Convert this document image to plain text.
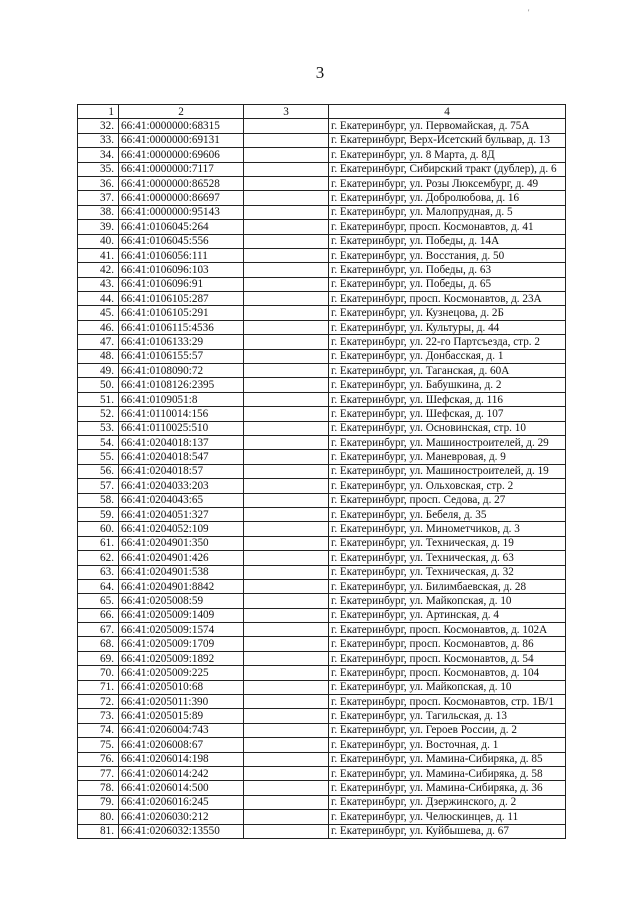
'
3
1	2	3	4
32.	66:41:0000000:68315		г. Екатеринбург, ул. Первомайская, д. 75А
33.	66:41:0000000:69131		г. Екатеринбург, Верх-Исетский бульвар, д. 13
34.	66:41:0000000:69606		г. Екатеринбург, ул. 8 Марта, д. 8Д
35.	66:41:0000000:7117		г. Екатеринбург, Сибирский тракт (дублер), д. 6
36.	66:41:0000000:86528		г. Екатеринбург, ул. Розы Люксембург, д. 49
37.	66:41:0000000:86697		г. Екатеринбург, ул. Добролюбова, д. 16
38.	66:41:0000000:95143		г. Екатеринбург, ул. Малопрудная, д. 5
39.	66:41:0106045:264		г. Екатеринбург, просп. Космонавтов, д. 41
40.	66:41:0106045:556		г. Екатеринбург, ул. Победы, д. 14А
41.	66:41:0106056:111		г. Екатеринбург, ул. Восстания, д. 50
42.	66:41:0106096:103		г. Екатеринбург, ул. Победы, д. 63
43.	66:41:0106096:91		г. Екатеринбург, ул. Победы, д. 65
44.	66:41:0106105:287		г. Екатеринбург, просп. Космонавтов, д. 23А
45.	66:41:0106105:291		г. Екатеринбург, ул. Кузнецова, д. 2Б
46.	66:41:0106115:4536		г. Екатеринбург, ул. Культуры, д. 44
47.	66:41:0106133:29		г. Екатеринбург, ул. 22-го Партсъезда, стр. 2
48.	66:41:0106155:57		г. Екатеринбург, ул. Донбасская, д. 1
49.	66:41:0108090:72		г. Екатеринбург, ул. Таганская, д. 60А
50.	66:41:0108126:2395		г. Екатеринбург, ул. Бабушкина, д. 2
51.	66:41:0109051:8		г. Екатеринбург, ул. Шефская, д. 116
52.	66:41:0110014:156		г. Екатеринбург, ул. Шефская, д. 107
53.	66:41:0110025:510		г. Екатеринбург, ул. Основинская, стр. 10
54.	66:41:0204018:137		г. Екатеринбург, ул. Машиностроителей, д. 29
55.	66:41:0204018:547		г. Екатеринбург, ул. Маневровая, д. 9
56.	66:41:0204018:57		г. Екатеринбург, ул. Машиностроителей, д. 19
57.	66:41:0204033:203		г. Екатеринбург, ул. Ольховская, стр. 2
58.	66:41:0204043:65		г. Екатеринбург, просп. Седова, д. 27
59.	66:41:0204051:327		г. Екатеринбург, ул. Бебеля, д. 35
60.	66:41:0204052:109		г. Екатеринбург, ул. Минометчиков, д. 3
61.	66:41:0204901:350		г. Екатеринбург, ул. Техническая, д. 19
62.	66:41:0204901:426		г. Екатеринбург, ул. Техническая, д. 63
63.	66:41:0204901:538		г. Екатеринбург, ул. Техническая, д. 32
64.	66:41:0204901:8842		г. Екатеринбург, ул. Билимбаевская, д. 28
65.	66:41:0205008:59		г. Екатеринбург, ул. Майкопская, д. 10
66.	66:41:0205009:1409		г. Екатеринбург, ул. Артинская, д. 4
67.	66:41:0205009:1574		г. Екатеринбург, просп. Космонавтов, д. 102А
68.	66:41:0205009:1709		г. Екатеринбург, просп. Космонавтов, д. 86
69.	66:41:0205009:1892		г. Екатеринбург, просп. Космонавтов, д. 54
70.	66:41:0205009:225		г. Екатеринбург, просп. Космонавтов, д. 104
71.	66:41:0205010:68		г. Екатеринбург, ул. Майкопская, д. 10
72.	66:41:0205011:390		г. Екатеринбург, просп. Космонавтов, стр. 1В/1
73.	66:41:0205015:89		г. Екатеринбург, ул. Тагильская, д. 13
74.	66:41:0206004:743		г. Екатеринбург, ул. Героев России, д. 2
75.	66:41:0206008:67		г. Екатеринбург, ул. Восточная, д. 1
76.	66:41:0206014:198		г. Екатеринбург, ул. Мамина-Сибиряка, д. 85
77.	66:41:0206014:242		г. Екатеринбург, ул. Мамина-Сибиряка, д. 58
78.	66:41:0206014:500		г. Екатеринбург, ул. Мамина-Сибиряка, д. 36
79.	66:41:0206016:245		г. Екатеринбург, ул. Дзержинского, д. 2
80.	66:41:0206030:212		г. Екатеринбург, ул. Челюскинцев, д. 11
81.	66:41:0206032:13550		г. Екатеринбург, ул. Куйбышева, д. 67
